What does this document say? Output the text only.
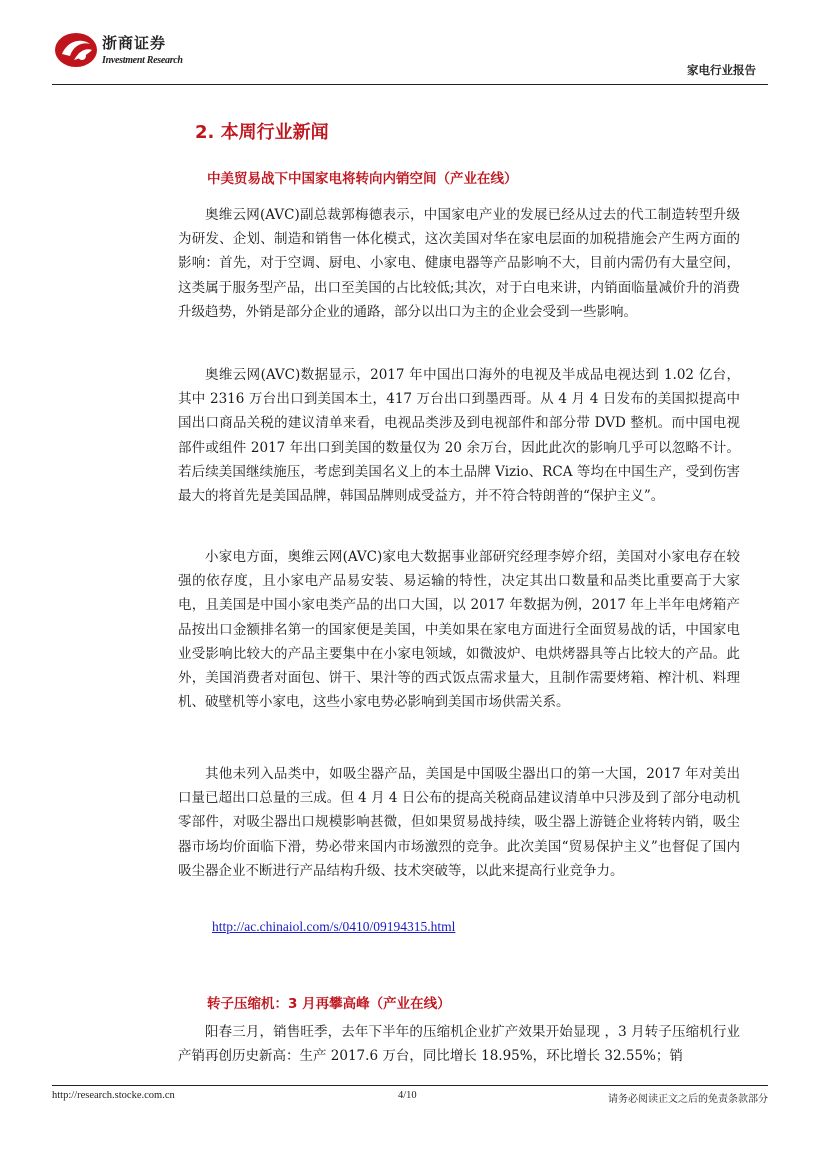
浙商证券
Investment Research
家电行业报告
2. 本周行业新闻
中美贸易战下中国家电将转向内销空间（产业在线）

奥维云网(AVC)副总裁郭梅德表示，中国家电产业的发展已经从过去的代工制造转型升级为研发、企划、制造和销售一体化模式，这次美国对华在家电层面的加税措施会产生两方面的影响：首先，对于空调、厨电、小家电、健康电器等产品影响不大，目前内需仍有大量空间，这类属于服务型产品，出口至美国的占比较低;其次，对于白电来讲，内销面临量减价升的消费升级趋势，外销是部分企业的通路，部分以出口为主的企业会受到一些影响。

奥维云网(AVC)数据显示，2017 年中国出口海外的电视及半成品电视达到 1.02 亿台，其中 2316 万台出口到美国本土，417 万台出口到墨西哥。从 4 月 4 日发布的美国拟提高中国出口商品关税的建议清单来看，电视品类涉及到电视部件和部分带 DVD 整机。而中国电视部件或组件 2017 年出口到美国的数量仅为 20 余万台，因此此次的影响几乎可以忽略不计。若后续美国继续施压，考虑到美国名义上的本土品牌 Vizio、RCA 等均在中国生产，受到伤害最大的将首先是美国品牌，韩国品牌则成受益方，并不符合特朗普的“保护主义”。

小家电方面，奥维云网(AVC)家电大数据事业部研究经理李婷介绍，美国对小家电存在较强的依存度，且小家电产品易安装、易运输的特性，决定其出口数量和品类比重要高于大家电，且美国是中国小家电类产品的出口大国，以 2017 年数据为例，2017 年上半年电烤箱产品按出口金额排名第一的国家便是美国，中美如果在家电方面进行全面贸易战的话，中国家电业受影响比较大的产品主要集中在小家电领域，如微波炉、电烘烤器具等占比较大的产品。此外，美国消费者对面包、饼干、果汁等的西式饭点需求量大，且制作需要烤箱、榨汁机、料理机、破壁机等小家电，这些小家电势必影响到美国市场供需关系。

其他未列入品类中，如吸尘器产品，美国是中国吸尘器出口的第一大国，2017 年对美出口量已超出口总量的三成。但 4 月 4 日公布的提高关税商品建议清单中只涉及到了部分电动机零部件，对吸尘器出口规模影响甚微，但如果贸易战持续，吸尘器上游链企业将转内销，吸尘器市场均价面临下滑，势必带来国内市场激烈的竞争。此次美国“贸易保护主义”也督促了国内吸尘器企业不断进行产品结构升级、技术突破等，以此来提高行业竞争力。

http://ac.chinaiol.com/s/0410/09194315.html
转子压缩机：3 月再攀高峰（产业在线）

阳春三月，销售旺季，去年下半年的压缩机企业扩产效果开始显现 ，3 月转子压缩机行业产销再创历史新高：生产 2017.6 万台，同比增长 18.95%，环比增长 32.55%；销

http://research.stocke.com.cn	4/10	请务必阅读正文之后的免责条款部分
